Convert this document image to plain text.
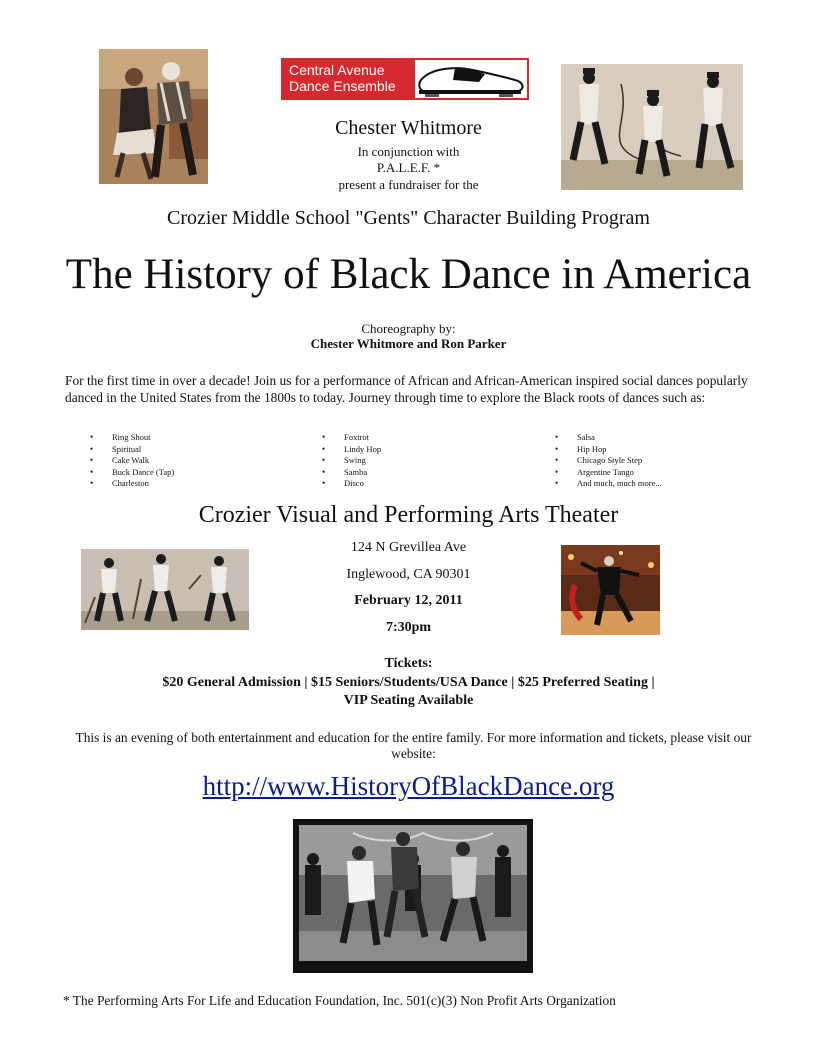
Central Avenue
Dance Ensemble
Chester Whitmore
In conjunction with
P.A.L.E.F. *
present a fundraiser for the
Crozier Middle School "Gents" Character Building Program
The History of Black Dance in America
Choreography by:
Chester Whitmore and Ron Parker
For the first time in over a decade! Join us for a performance of African and African-American inspired social dances popularly danced in the United States from the 1800s to today. Journey through time to explore the Black roots of dances such as:
• Ring Shout
• Spiritual
• Cake Walk
• Buck Dance (Tap)
• Charleston
• Foxtrot
• Lindy Hop
• Swing
• Samba
• Disco
• Salsa
• Hip Hop
• Chicago Style Step
• Argentine Tango
• And much, much more...
Crozier Visual and Performing Arts Theater
124 N Grevillea Ave
Inglewood, CA 90301
February 12, 2011
7:30pm
Tickets:
$20 General Admission | $15 Seniors/Students/USA Dance | $25 Preferred Seating |
VIP Seating Available
This is an evening of both entertainment and education for the entire family. For more information and tickets, please visit our website:
http://www.HistoryOfBlackDance.org
* The Performing Arts For Life and Education Foundation, Inc. 501(c)(3) Non Profit Arts Organization
